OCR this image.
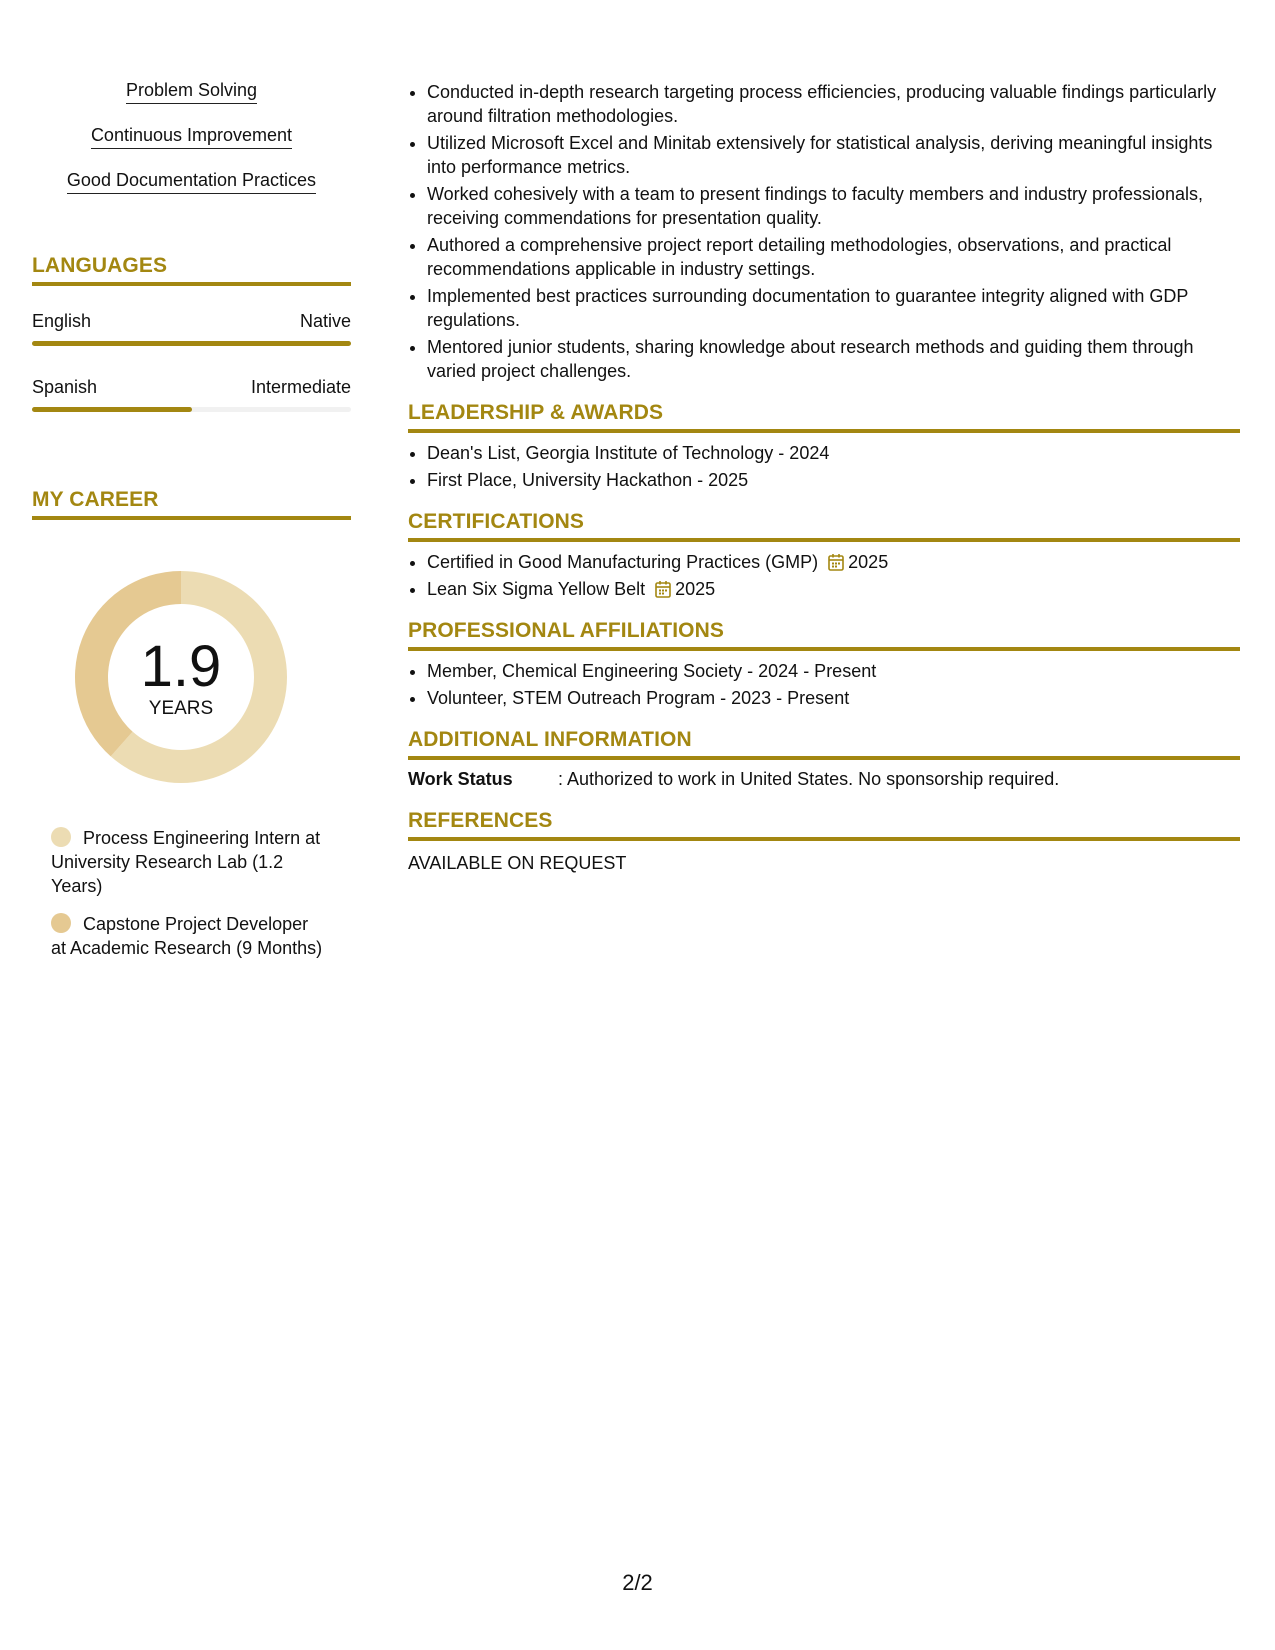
Problem Solving
Continuous Improvement
Good Documentation Practices
LANGUAGES
English	Native
Spanish	Intermediate
MY CAREER
1.9
YEARS
Process Engineering Intern at University Research Lab (1.2 Years)
Capstone Project Developer at Academic Research (9 Months)
• Conducted in-depth research targeting process efficiencies, producing valuable findings particularly around filtration methodologies.
• Utilized Microsoft Excel and Minitab extensively for statistical analysis, deriving meaningful insights into performance metrics.
• Worked cohesively with a team to present findings to faculty members and industry professionals, receiving commendations for presentation quality.
• Authored a comprehensive project report detailing methodologies, observations, and practical recommendations applicable in industry settings.
• Implemented best practices surrounding documentation to guarantee integrity aligned with GDP regulations.
• Mentored junior students, sharing knowledge about research methods and guiding them through varied project challenges.
LEADERSHIP & AWARDS
• Dean's List, Georgia Institute of Technology - 2024
• First Place, University Hackathon - 2025
CERTIFICATIONS
• Certified in Good Manufacturing Practices (GMP) 2025
• Lean Six Sigma Yellow Belt 2025
PROFESSIONAL AFFILIATIONS
• Member, Chemical Engineering Society - 2024 - Present
• Volunteer, STEM Outreach Program - 2023 - Present
ADDITIONAL INFORMATION
Work Status	: Authorized to work in United States. No sponsorship required.
REFERENCES
AVAILABLE ON REQUEST
2/2
